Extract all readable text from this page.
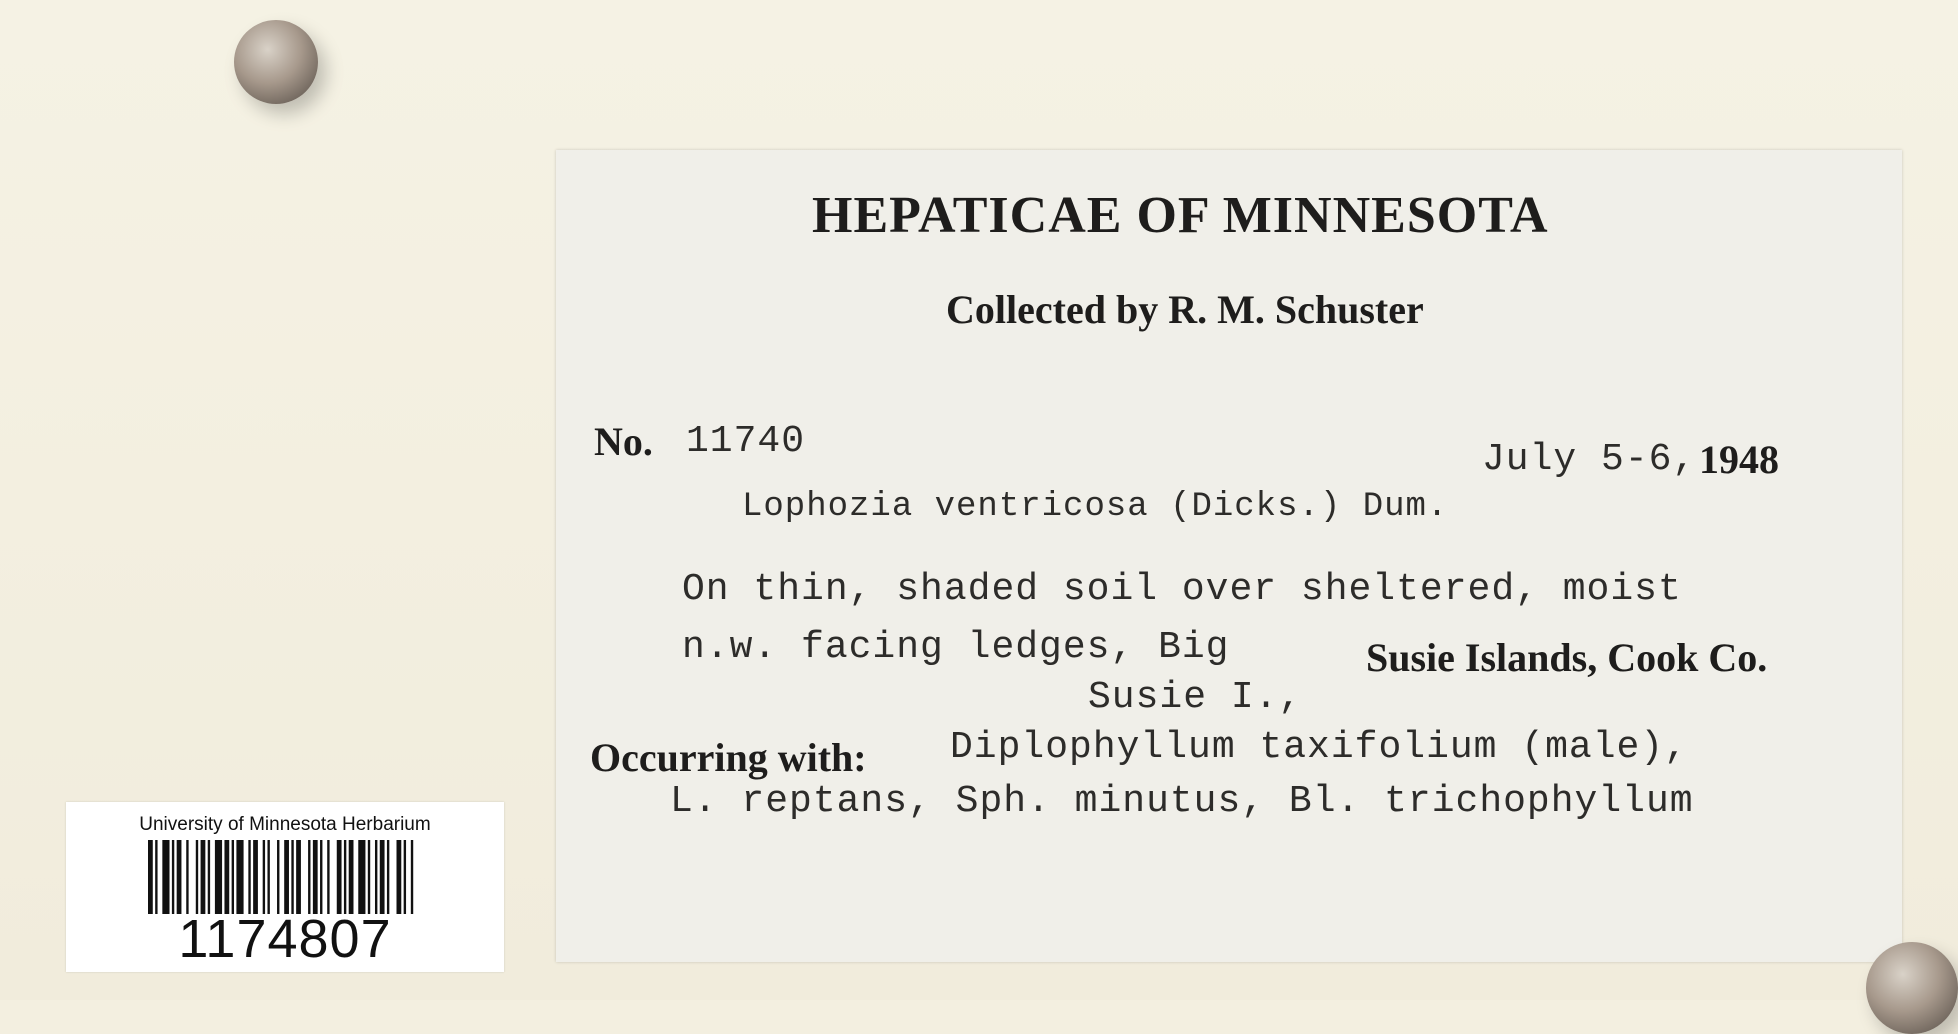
HEPATICAE OF MINNESOTA
Collected by R. M. Schuster
No. 11740	July 5-6, 1948
Lophozia ventricosa (Dicks.) Dum.
On thin, shaded soil over sheltered, moist
n.w. facing ledges, Big	Susie Islands, Cook Co.
Susie I.,
Occurring with: Diplophyllum taxifolium (male),
L. reptans, Sph. minutus, Bl. trichophyllum
University of Minnesota Herbarium
1174807
